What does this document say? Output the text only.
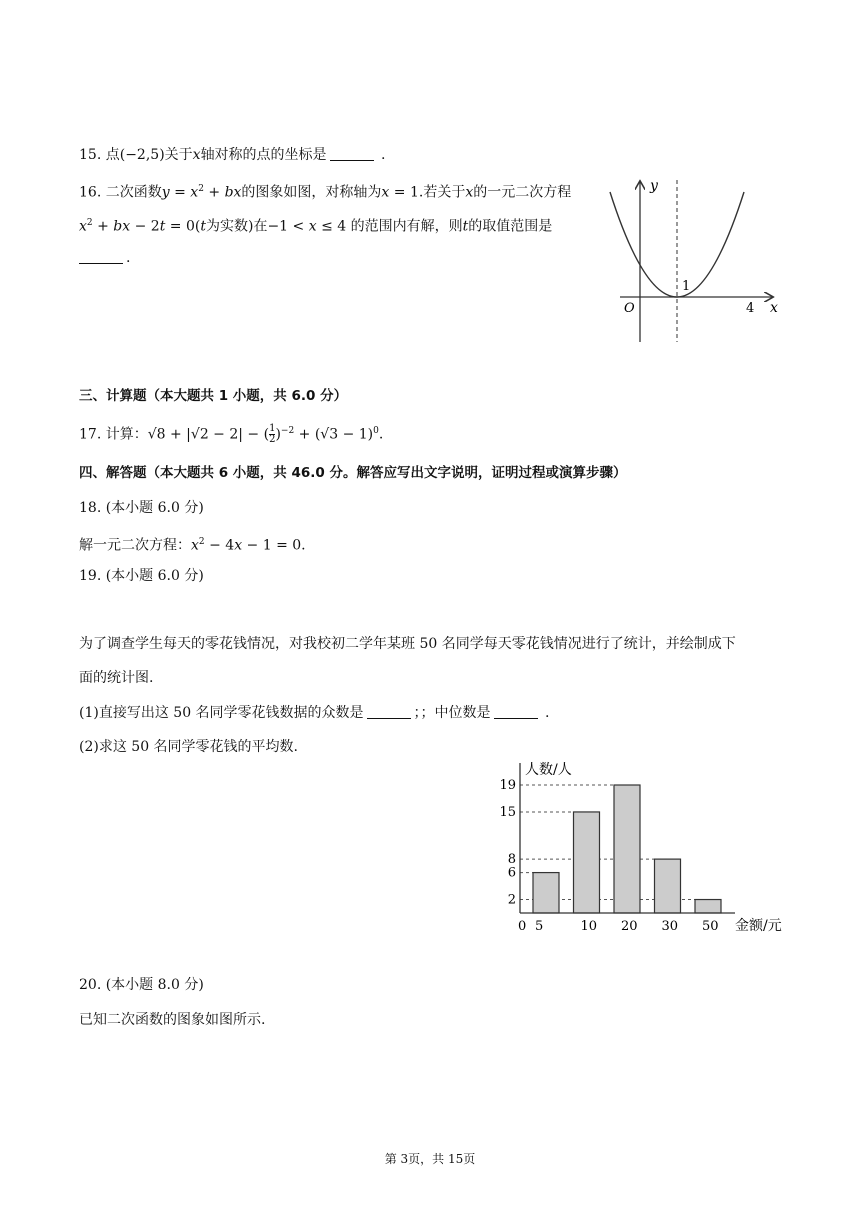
15. 点(−2,5)关于x轴对称的点的坐标是	.
16. 二次函数$y = x^2$ + bx的图象如图，对称轴为x = 1.若关于x的一元二次方程
$x^2$ + bx − 2t = 0(t为实数)在−1 < x ≤ 4 的范围内有解，则t的取值范围是
.
y
x
O
1
4
三、计算题（本大题共 1 小题，共 6.0 分）
17. 计算：√8 + |√2 − 2| − ( $\frac{1}{2} )^{-2} + (√3 - 1)^0$.
四、解答题（本大题共 6 小题，共 46.0 分。解答应写出文字说明，证明过程或演算步骤）
18. (本小题 6.0 分)
解一元二次方程：$x^2 - 4x - 1 = 0$.
19. (本小题 6.0 分)
为了调查学生每天的零花钱情况，对我校初二学年某班 50 名同学每天零花钱情况进行了统计，并绘制成下
面的统计图.
(1)直接写出这 50 名同学零花钱数据的众数是	；；中位数是	.
(2)求这 50 名同学零花钱的平均数.
2
6
8
15
19
人数/人
金额/元
0 5	10 20 30 50
20. (本小题 8.0 分)
已知二次函数的图象如图所示.
第 3页，共 15页
